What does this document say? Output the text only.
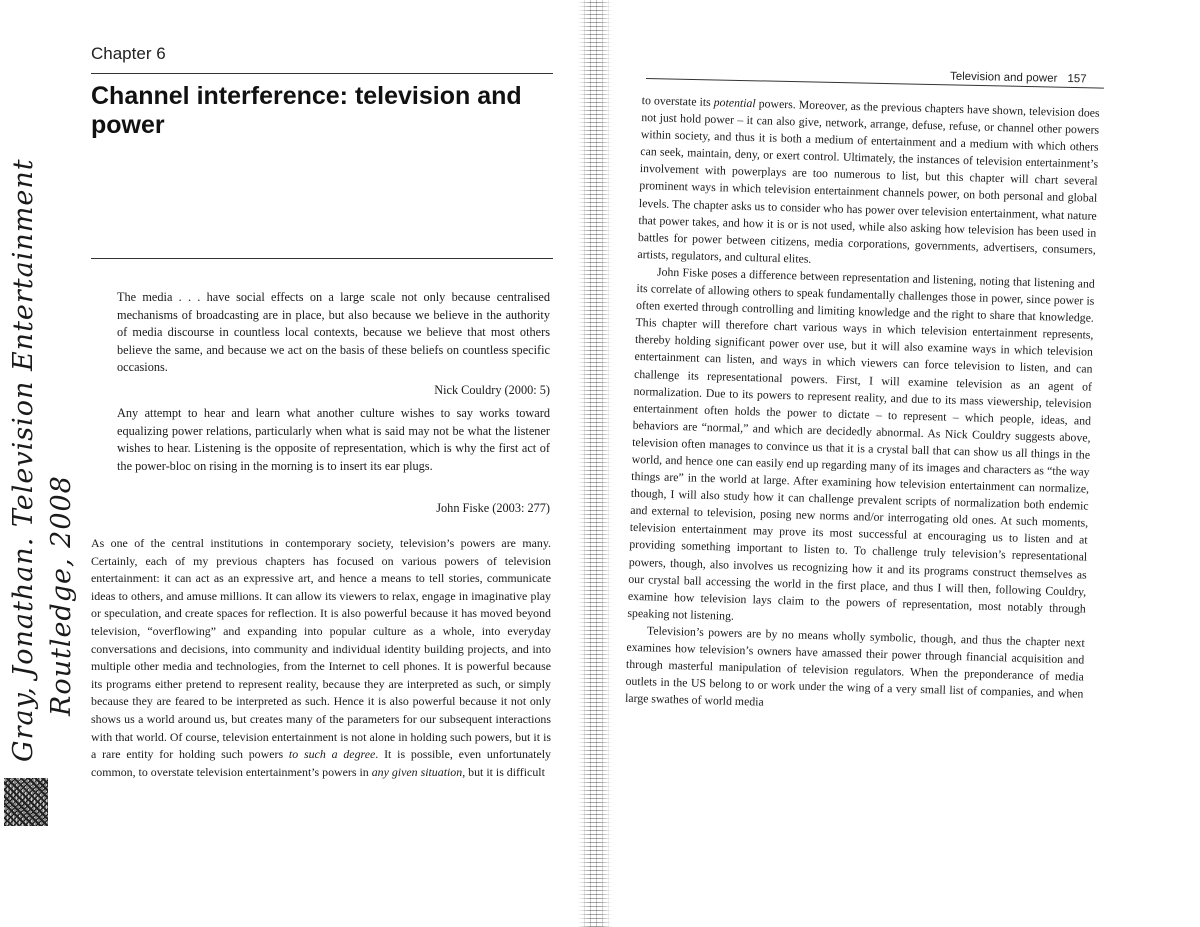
Chapter 6
Channel interference: television and power

The media . . . have social effects on a large scale not only because centralised mechanisms of broadcasting are in place, but also because we believe in the authority of media discourse in countless local contexts, because we believe that most others believe the same, and because we act on the basis of these beliefs on countless specific occasions.

Nick Couldry (2000: 5)

Any attempt to hear and learn what another culture wishes to say works toward equalizing power relations, particularly when what is said may not be what the listener wishes to hear. Listening is the opposite of representation, which is why the first act of the power-bloc on rising in the morning is to insert its ear plugs.

John Fiske (2003: 277)

As one of the central institutions in contemporary society, television’s powers are many. Certainly, each of my previous chapters has focused on various powers of television entertainment: it can act as an expressive art, and hence a means to tell stories, communicate ideas to others, and amuse millions. It can allow its viewers to relax, engage in imaginative play or speculation, and create spaces for reflection. It is also powerful because it has moved beyond television, “overflowing” and expanding into popular culture as a whole, into everyday conversations and decisions, into community and individual identity building projects, and into multiple other media and technologies, from the Internet to cell phones. It is powerful because its programs either pretend to represent reality, because they are interpreted as such, or simply because they are feared to be interpreted as such. Hence it is also powerful because it not only shows us a world around us, but creates many of the parameters for our subsequent interactions with that world. Of course, television entertainment is not alone in holding such powers, but it is a rare entity for holding such powers to such a degree. It is possible, even unfortunately common, to overstate television entertainment’s powers in any given situation, but it is difficult

Gray, Jonathan. Television Entertainment Routledge, 2008
Television and power 157

to overstate its potential powers. Moreover, as the previous chapters have shown, television does not just hold power – it can also give, network, arrange, defuse, refuse, or channel other powers within society, and thus it is both a medium of entertainment and a medium with which others can seek, maintain, deny, or exert control. Ultimately, the instances of television entertainment’s involvement with powerplays are too numerous to list, but this chapter will chart several prominent ways in which television entertainment channels power, on both personal and global levels. The chapter asks us to consider who has power over television entertainment, what nature that power takes, and how it is or is not used, while also asking how television has been used in battles for power between citizens, media corporations, governments, advertisers, consumers, artists, regulators, and cultural elites.

John Fiske poses a difference between representation and listening, noting that listening and its correlate of allowing others to speak fundamentally challenges those in power, since power is often exerted through controlling and limiting knowledge and the right to share that knowledge. This chapter will therefore chart various ways in which television entertainment represents, thereby holding significant power over use, but it will also examine ways in which television entertainment can listen, and ways in which viewers can force television to listen, and can challenge its representational powers. First, I will examine television as an agent of normalization. Due to its powers to represent reality, and due to its mass viewership, television entertainment often holds the power to dictate – to represent – which people, ideas, and behaviors are “normal,” and which are decidedly abnormal. As Nick Couldry suggests above, television often manages to convince us that it is a crystal ball that can show us all things in the world, and hence one can easily end up regarding many of its images and characters as “the way things are” in the world at large. After examining how television entertainment can normalize, though, I will also study how it can challenge prevalent scripts of normalization both endemic and external to television, posing new norms and/or interrogating old ones. At such moments, television entertainment may prove its most successful at encouraging us to listen and at providing something important to listen to. To challenge truly television’s representational powers, though, also involves us recognizing how it and its programs construct themselves as our crystal ball accessing the world in the first place, and thus I will then, following Couldry, examine how television lays claim to the powers of representation, most notably through speaking not listening.

Television’s powers are by no means wholly symbolic, though, and thus the chapter next examines how television’s owners have amassed their power through financial acquisition and through masterful manipulation of television regulators. When the preponderance of media outlets in the US belong to or work under the wing of a very small list of companies, and when large swathes of world media
